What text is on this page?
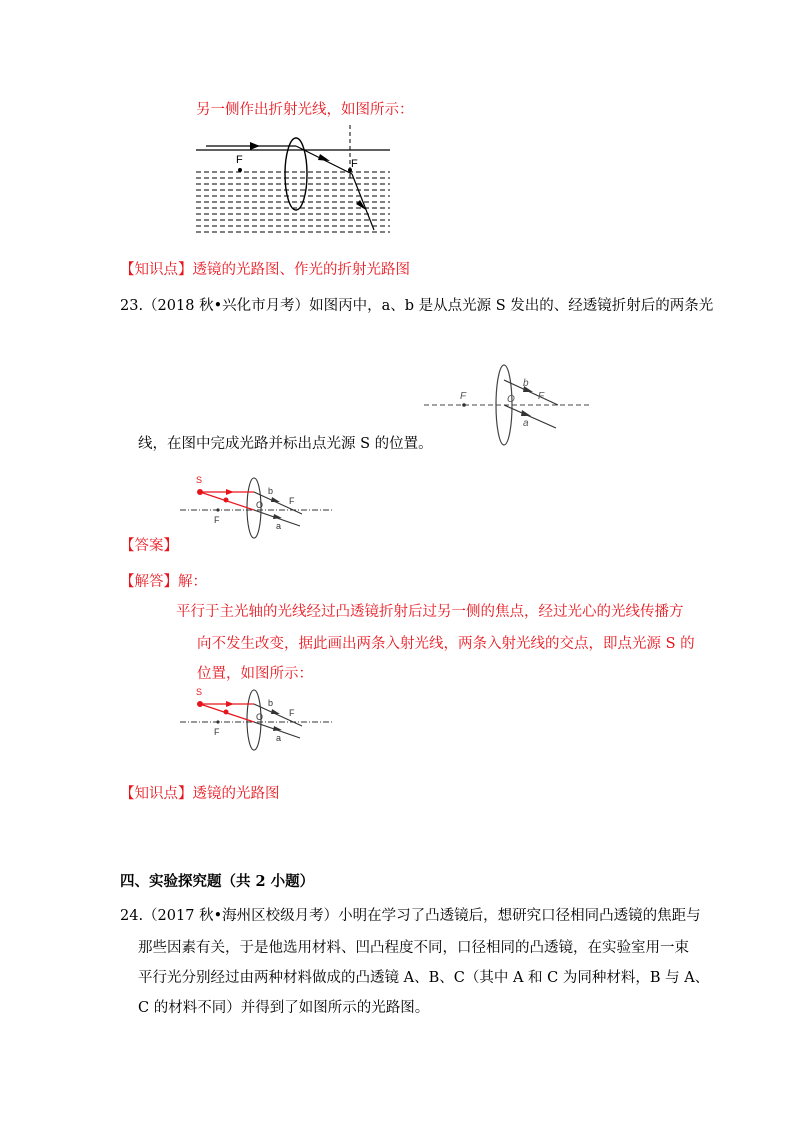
另一侧作出折射光线，如图所示：
F	F
【知识点】透镜的光路图、作光的折射光路图
23.（2018 秋•兴化市月考）如图丙中，a、b 是从点光源 S 发出的、经透镜折射后的两条光
F	O F
b
a
线，在图中完成光路并标出点光源 S 的位置。
S
F
O	F
b
a
【答案】
【解答】解：
平行于主光轴的光线经过凸透镜折射后过另一侧的焦点，经过光心的光线传播方
向不发生改变，据此画出两条入射光线，两条入射光线的交点，即点光源 S 的
位置，如图所示：
S
F
O	F
b
a
【知识点】透镜的光路图
四、实验探究题（共 2 小题）
24.（2017 秋•海州区校级月考）小明在学习了凸透镜后，想研究口径相同凸透镜的焦距与
那些因素有关，于是他选用材料、凹凸程度不同，口径相同的凸透镜，在实验室用一束
平行光分别经过由两种材料做成的凸透镜 A、B、C（其中 A 和 C 为同种材料，B 与 A、
C 的材料不同）并得到了如图所示的光路图。
